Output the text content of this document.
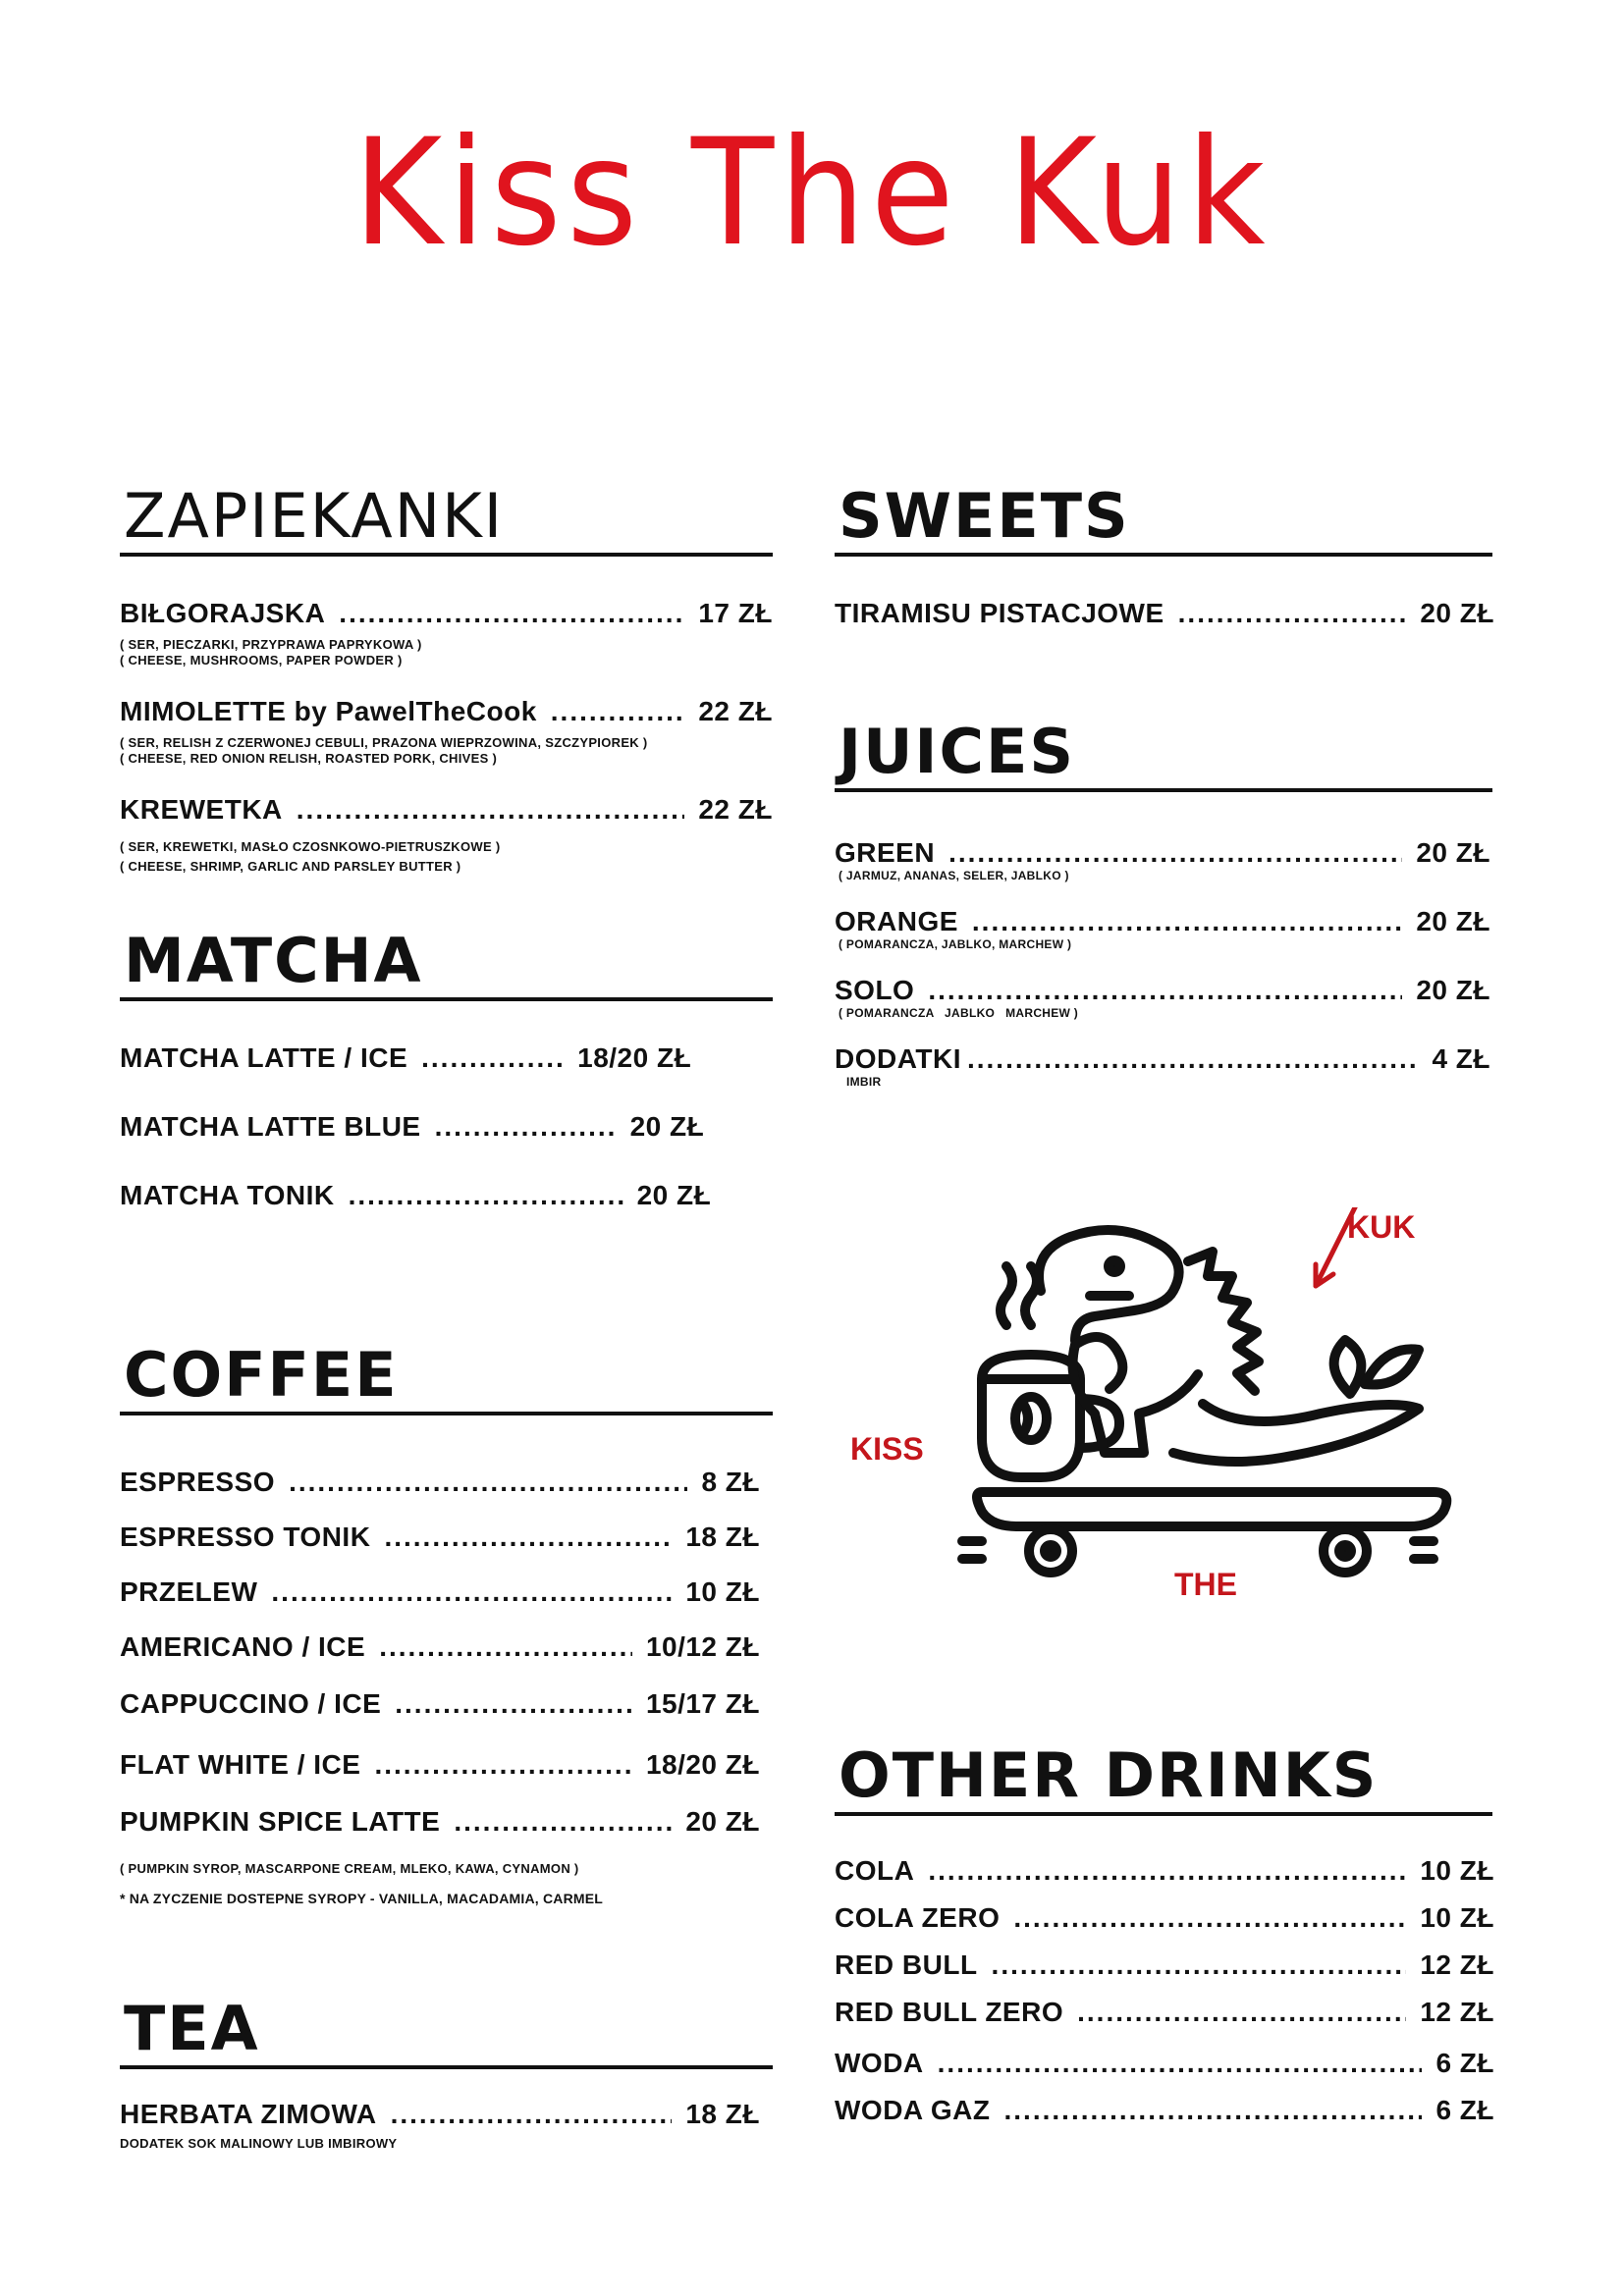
Kiss The Kuk
ZAPIEKANKI
BIŁGORAJSKA .....	17 ZŁ
( SER, PIECZARKI, PRZYPRAWA PAPRYKOWA )
( CHEESE, MUSHROOMS, PAPER POWDER )
MIMOLETTE by PawelTheCook .....	22 ZŁ
( SER, RELISH Z CZERWONEJ CEBULI, PRAZONA WIEPRZOWINA, SZCZYPIOREK )
( CHEESE, RED ONION RELISH, ROASTED PORK, CHIVES )
KREWETKA .....	22 ZŁ
( SER, KREWETKI, MASŁO CZOSNKOWO-PIETRUSZKOWE )
( CHEESE, SHRIMP, GARLIC AND PARSLEY BUTTER )
MATCHA
MATCHA LATTE / ICE .....	18/20 ZŁ
MATCHA LATTE BLUE .....	20 ZŁ
MATCHA TONIK .....	20 ZŁ
COFFEE
ESPRESSO .....	8 ZŁ
ESPRESSO TONIK .....	18 ZŁ
PRZELEW .....	10 ZŁ
AMERICANO / ICE .....	10/12 ZŁ
CAPPUCCINO / ICE .....	15/17 ZŁ
FLAT WHITE / ICE .....	18/20 ZŁ
PUMPKIN SPICE LATTE .....	20 ZŁ
( PUMPKIN SYROP, MASCARPONE CREAM, MLEKO, KAWA, CYNAMON )
* NA ZYCZENIE DOSTEPNE SYROPY - VANILLA, MACADAMIA, CARMEL
TEA
HERBATA ZIMOWA .....	18 ZŁ
DODATEK SOK MALINOWY LUB IMBIROWY
SWEETS
TIRAMISU PISTACJOWE .....	20 ZŁ
JUICES
GREEN .....	20 ZŁ
( JARMUZ, ANANAS, SELER, JABLKO )
ORANGE .....	20 ZŁ
( POMARANCZA, JABLKO, MARCHEW )
SOLO .....	20 ZŁ
( POMARANCZA   JABLKO   MARCHEW )
DODATKI .....	4 ZŁ
IMBIR
KISS
THE
KUK
OTHER DRINKS
COLA .....	10 ZŁ
COLA ZERO .....	10 ZŁ
RED BULL .....	12 ZŁ
RED BULL ZERO .....	12 ZŁ
WODA .....	6 ZŁ
WODA GAZ .....	6 ZŁ
